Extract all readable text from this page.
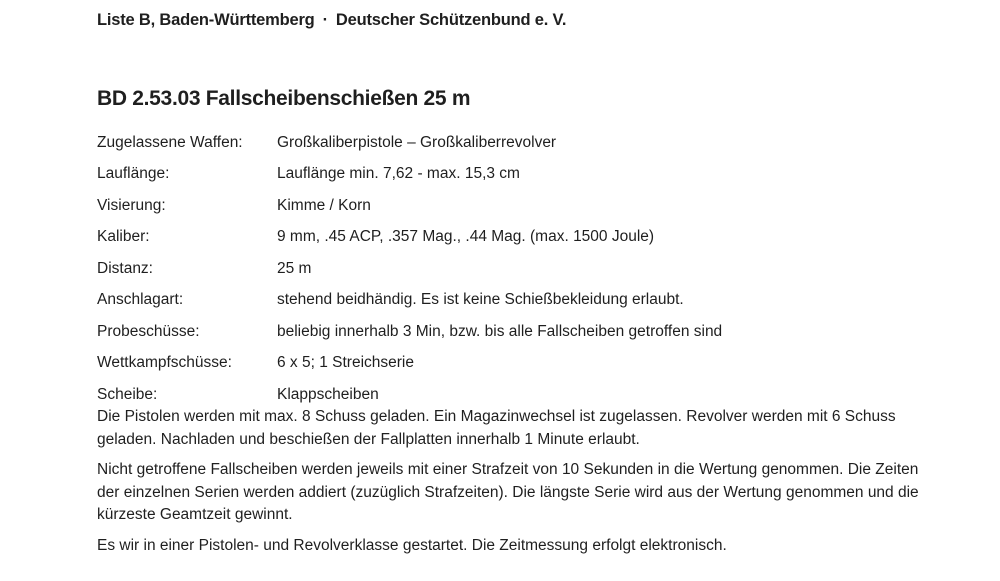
Liste B, Baden-Württemberg · Deutscher Schützenbund e. V.
BD 2.53.03 Fallscheibenschießen 25 m
Zugelassene Waffen:	Großkaliberpistole – Großkaliberrevolver
Lauflänge:	Lauflänge min. 7,62 - max. 15,3 cm
Visierung:	Kimme / Korn
Kaliber:	9 mm, .45 ACP, .357 Mag., .44 Mag. (max. 1500 Joule)
Distanz:	25 m
Anschlagart:	stehend beidhändig. Es ist keine Schießbekleidung erlaubt.
Probeschüsse:	beliebig innerhalb 3 Min, bzw. bis alle Fallscheiben getroffen sind
Wettkampfschüsse:	6 x 5; 1 Streichserie
Scheibe:	Klappscheiben

Die Pistolen werden mit max. 8 Schuss geladen. Ein Magazinwechsel ist zugelassen. Revolver werden mit 6 Schuss geladen. Nachladen und beschießen der Fallplatten innerhalb 1 Minute erlaubt.

Nicht getroffene Fallscheiben werden jeweils mit einer Strafzeit von 10 Sekunden in die Wertung genommen. Die Zeiten der einzelnen Serien werden addiert (zuzüglich Strafzeiten). Die längste Serie wird aus der Wertung genommen und die kürzeste Geamtzeit gewinnt.

Es wir in einer Pistolen- und Revolverklasse gestartet. Die Zeitmessung erfolgt elektronisch.
